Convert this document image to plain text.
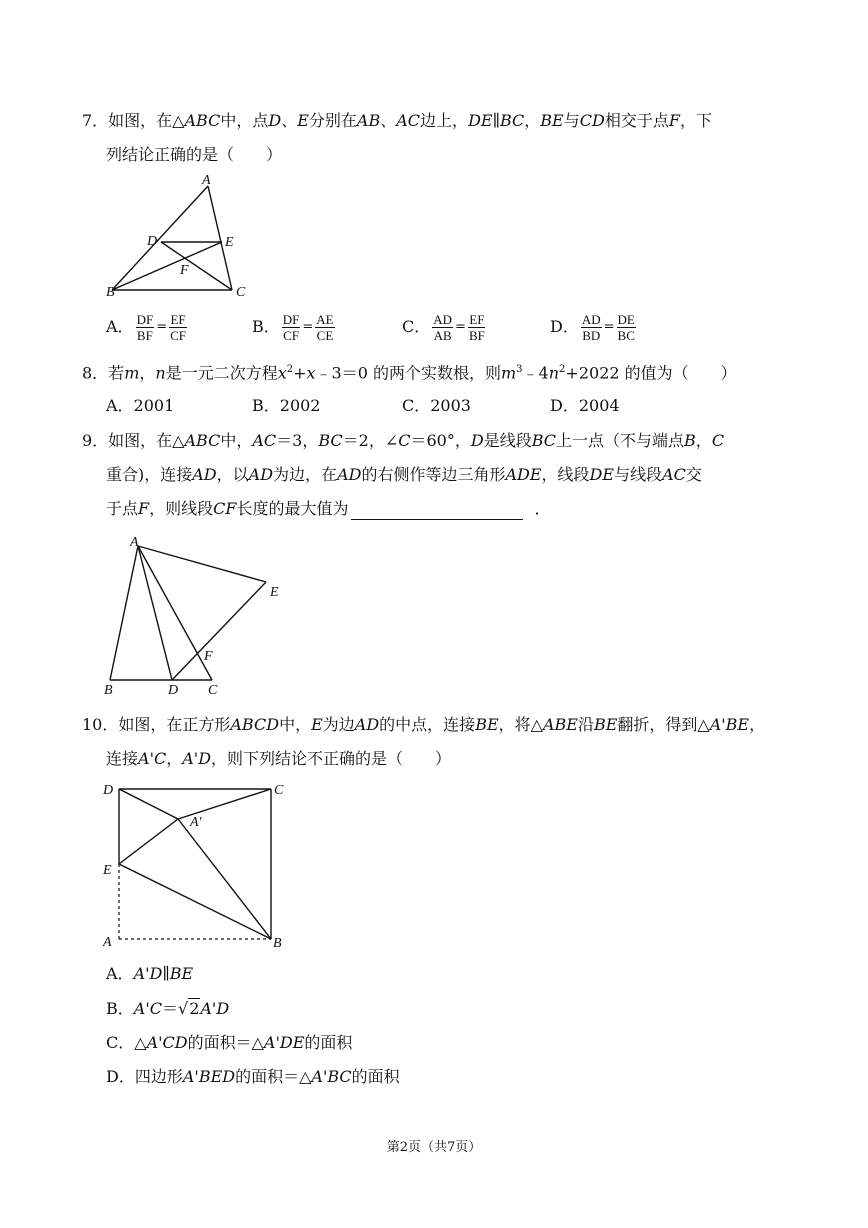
7．如图，在△ABC中，点D、E分别在AB、AC边上，DE∥BC，BE与CD相交于点F，下
列结论正确的是（　　）
A
D	E
F
B	C
A． $\frac{DF}{BF} = \frac{EF}{CF}$	B． $\frac{DF}{CF} = \frac{AE}{CE}$	C． $\frac{AD}{AB} = \frac{EF}{BF}$	D． $\frac{AD}{BD} = \frac{DE}{BC}$
8．若m，n是一元二次方程$x^2+x﹣3=0$ 的两个实数根，则$m^3﹣4n^2+2022$ 的值为（　　）
A．2001	B．2002	C．2003	D．2004
9．如图，在△ABC中，AC＝3，BC＝2，∠C＝60°，D是线段BC上一点（不与端点B，C
重合)，连接AD，以AD为边，在AD的右侧作等边三角形ADE，线段DE与线段AC交
于点F，则线段CF长度的最大值为	．
A
E
F
B	D C
10．如图，在正方形ABCD中，E为边AD的中点，连接BE，将△ABE沿BE翻折，得到△A'BE，
连接A'C，A'D，则下列结论不正确的是（　　）
D	C
A′
E
A	B
A．A'D∥BE
B．A'C＝√2A'D
C．△A'CD的面积＝△A'DE的面积
D．四边形A'BED的面积＝△A'BC的面积
第2页（共7页）
